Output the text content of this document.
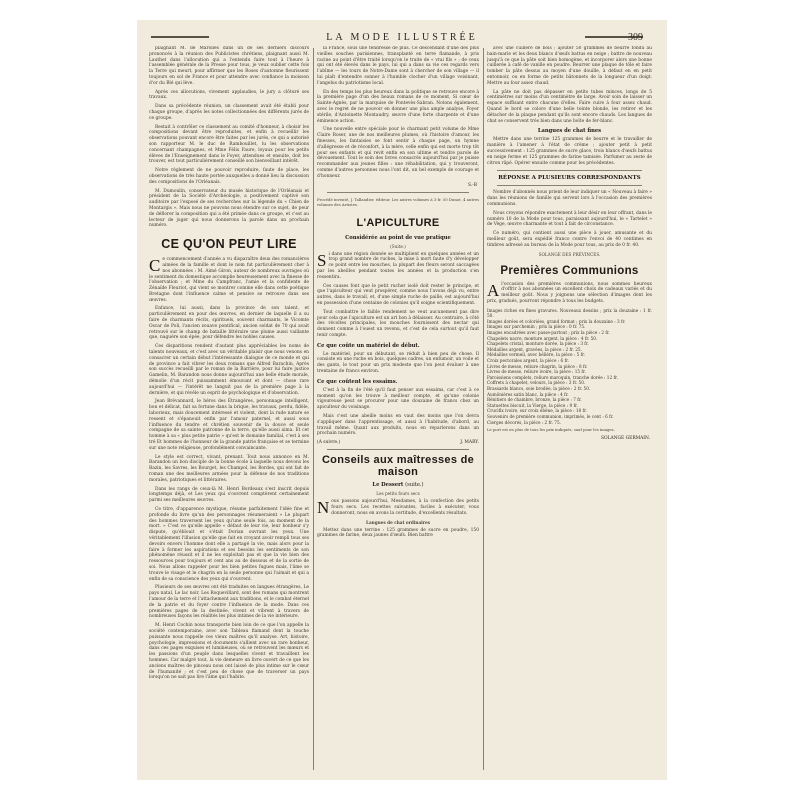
LA MODE ILLUSTRÉE	309

plaignant M. de Marolles dans un de ses derniers discours prononcés à la réunion des Publicistes chrétiens, plaignant aussi M. Lauthet dans l'allocution qui a l'entendu faire tout à l'heure à l'assemblée générale de la Presse pour tous, je veux oublier cette fois la Terre qui meurt, pour affirmer que les Roses d'automne fleurissent toujours en sol de France et pour attendre avec confiance la moisson d'or du Blé qui lève.

Après ces allocutions, vivement applaudies, le jury a clôturé ses travaux.

Dans sa précédente réunion, un classement avait été établi pour chaque groupe, d'après les notes collectionnées des différents jurés de ce groupe.

Restait à contrôler ce classement au comité d'honneur, à choisir les compositions devant être reproduites, et enfin à recueillir les observations pouvant encore être faites par les jurés, ce qui a autorisé son rapporteur M. le duc de Rambouillet, lu les observations concernant champagnes, et Mme Félix Faure, loyaux pour les petits élèves de l'Enseignement dans le Foyer, attendues et ensuite, doit les trouver, est tout particulièrement conseillé son bienveillant intérêt.

Notre règlement de ne pouvoir reproduire, faute de place, les observations de très haute portée auxquelles a donné lieu la discussion des compositions de l'Orléanais.

M. Dumoulin, conservateur du musée historique de l'Orléanais et président de la Société d'Archéologie, a positivement captivé son auditoire par l'exposé de ses recherches sur la légende du « Chien de Montargis ». Mais nous ne pouvons nous étendre sur ce sujet, de peur de déflorer la composition qui a été primée dans ce groupe, et c'est au lecteur de juger qui nous donnerons la parole dans un prochain numéro.

CE QU'ON PEUT LIRE

Ce commencement d'année a vu disparaître deux des romancières aimées de la famille et dont le nom fut particulièrement cher à nos abonnées : M. Aimé Giron, auteur de nombreux ouvrages où le sentiment du domestique accomplie heureusement avec la finesse de l'observation ; et Mme du Campfranc, l'amie et la confidente de Zénaïde Fleuriot, qui vient se montrer comme elle dans cette poétique Bretagne dont l'influence calme et pensive se retrouve dans ses œuvres.

Enfance, lui aussi, dans la province de son talent, et particulièrement en pour des œuvres, en dernier de laquelle il a su faire de charmants récits, spirituels, souvent charmants, le Vicomte Oscar de Poli, l'ancien zouave pontifical, ancien soldat de 70 qui avait retrouvé sur le champ de bataille littéraire une plume aussi vaillante que, naguère son épée, pour défendre les nobles causes.

Ces disparitions rendent d'autant plus appréciables les noms de talents nouveaux, et c'est avec un véritable plaisir que nous venons en consacrer un certain début l'intéressante dialogue de ce monde et qui de province a fait vibrer les deux romans que Alfred Barachin, Après son succès recueilli par le roman de la Barrière, pour lui faire justice Gamelin, M. Barandon nous donne aujourd'hui une belle étude morale, démolie d'un récit puissamment émouvant et dont — chose rare aujourd'hui — l'intérêt ne languit pas de la première page à la dernière, et qui révèle un esprit de psychologique et d'observation.

Jean Brévannard, le héros des Étrangères, personnage intelligent, bon et délicat, fait sa fortune dans la brique, les travaux, perdu, fidèle, laborieux, mais doucement intéressé et violent, dont la rude nature se ressent et s'épanouit enfin par l'amour paternel, et aussi sous l'influence du tendre et chrétien souvenir de la douce et seule compagne de sa sainte patronne de la terre, qu'elle aussi aima. Et cet homme à sa « plus petite patrie » qu'est le domaine familial, c'est à ses tré Et hommes de l'honneur de la grande patrie française et se termine sur une note religieuse, profondément convaincante.

Le style est correct, vivant, prenant. Tout nous annonce en M. Barandon un bon disciple de la bonne école à laquelle nous devons les Bazin, les Savres, les Bourget, les Champol, les Bordes, qui ont fait de roman une des meilleures armées pour la défense de nos traditions morales, patriotiques et littéraires.

Dans les rangs de ceux-là M. Henri Bordeaux s'est inscrit depuis longtemps déjà, et Les yeux qui s'ouvrent comptèrent certainement parmi ses meilleures œuvres.

Ce titre, d'apparence mystique, résume parfaitement l'idée fine et profonde du livre qu'un des personnages résumeraient « Le plupart des hommes traversent les yeux qu'une seule fois, au moment de la mort. » C'est ce qu'elle appelle « défaut de leur vie, leur bonheur s'y dispute, qu'éblouit et s'était Dorian ouvrant les yeux. Une véritablement l'illusion qu'elle que fait en croyant avoir rempli tous ses devoirs envers l'homme dont elle a partagé la vie, mais alors pour la faire à former les aspirations et ses besoins les sentiments de son phénomène réussit et il ne les exploitait pas et que la vie bien des ressources pour toujours et cent ans au de dessous et de la sortie de soi. Nous allons rappeler pour les bien petites fugues mais, l'âme se trouve le visage et le chagrin en la seule personne qui l'aimait et qui a enfin de sa conscience des yeux qui s'ouvrent.

Plusieurs de ses œuvres ont été traduites en langues étrangères, Le pays natal, Le lac noir, Les Roquevillard, sont des romans qui montrent l'amour de la terre et l'attachement aux traditions, et le combat éternel de la patrie et du foyer contre l'influence de la mode. Dans ces premières pages de la destinée, vivent et vibrent à travers de nombreuses façons les réalités les plus intimes de la vie intérieure.

M. Henri Cochin nous transporte bien loin de ce que l'on appelle la société contemporaine, avec son Tableau flamand dont la touche puissante nous rappelle ces vieux maîtres qu'il analyse. Art, histoire, psychologie, impressions et documents s'allient avec un rare bonheur, dans ces pages exquises et lumineuses, où se retrouvent les mœurs et les passions d'un peuple dans lesquelles vivent et travaillent les hommes. Car malgré tout, la vie demeure un livre ouvert de ce que les anciens maîtres de pinceau nous ont laissé de plus intime sur le cœur de l'humanité ; et c'est peu de chose que de traverser un pays lorsqu'on ne sait pas lire l'âme qui l'habite.

la France, sous une tendresse de plus. Ce descendant d'une des plus vieilles souches parisiennes, transplanté en terre flamande, à pris racine au point d'être traité lorsqu'on le traite de « vrai fils » ; de ceux qui ont été élevés dans le pays, lui qui a dans sa vie ces regards vers l'abîme — les tours de Notre-Dame sont à chercher de son village — il lui plaît d'entendre sonner à l'humble clocher d'un village voisinant, l'angelus du patriotisme local.

En des temps les plus heureux dans la politique se retrouve encore à la première page d'un des beaux romans de ce moment, Si cœur de Sainte-Agnès, par la marquise de Pontevès-Sabran. Notons également, avec le regret de ne pouvoir en donner une plus ample analyse, Foyer stérile, d'Antoinette Montaudry, œuvre d'une forte charpente et d'une éminence action.

Une nouvelle entre spéciale pour le charmant petit volume de Mme Claire Roser, une de nos meilleures plumes, où l'histoire d'amour, les finesses, les fantaisies se font sentir à chaque page, un hymne d'allégresse et de réconfort, à la mère, celle enfin qui est morte trop tôt pour ses enfants et qui revit enfin en son ultime et tendre parole de dévouement. Tout le soin des livres consacrés aujourd'hui par je puisse recommander aux jeunes filles : une réhabilitation, qui y trouveront, comme d'autres personnes nous l'ont dit, un bel exemple de courage et d'honneur.

S.-B
Procédé inventé, J. Tallandier, éditeur. Les autres volumes à 3 fr. 50 Dunot, 4 autres volumes des Artistes.
L'APICULTURE
Considérée au point de vue pratique
(Suite.)

Si dans une région donnée se multiplient en quelques années et un trop grand nombre de ruches, la mise à mort faute d'y développer ce point entre les mouches, la plupart des fleurs seront saccagées par les abeilles pendant toutes les années et la production s'en ressentira.

Ces causes font que le petit rucher isolé doit rester le principe, et que l'apiculteur qui veut prospérer, comme nous l'avons déjà vu, entre autres, dans le travail, et, d'une simple ruche de paille, est aujourd'hui en possession d'une centaine de colonies qu'il soigne scientifiquement.

Tout combattre le faible rendement ne veut aucunement pas dire pour cela que l'apiculture est un art bon à délaisser. Au contraire, à côté des récoltes principales, les mouches fournissent des nectar qui donnent comme à l'ouest un revenu, et c'est de cela surtout qu'il faut tenir compte.

Ce que coûte un matériel de début.

Le matériel, pour un débutant, se réduit à bien peu de chose. Il consiste en une ruche en bois, quelques cadres, un enfumoir, un voile et des gants, le tout pour un prix modeste que l'on peut évaluer à une trentaine de francs environ.

Ce que coûtent les essaims.

C'est à la fin de l'été qu'il faut penser aux essaims, car c'est à ce moment qu'on les trouve à meilleur compte, et qu'une colonie vigoureuse peut se procurer pour une douzaine de francs chez un apiculteur du voisinage.

Mais c'est une abeille moins en vaut des moins que l'on devra s'appliquer dans l'apprentissage, et aussi à l'habitude, d'abord, au travail même. Quant aux produits, nous en reparlerons dans un prochain numéro.

(A suivre.)	J. MARY.
Conseils aux maîtresses de maison
Le Dessert (suite.)
Les petits fours secs

Nous passons aujourd'hui, Mesdames, à la confection des petits fours secs. Les recettes suivantes, faciles à exécuter, vous donneront, nous en avons la certitude, d'excellents résultats.

Langues de chat ordinaires

Mettez dans une terrine : 125 grammes de sucre en poudre, 150 grammes de farine, deux jaunes d'œufs. Bien battre

avec une cuillère de bois ; ajouter 50 grammes de beurre fondu au bain-marie et les deux blancs d'œufs battus en neige ; battre de nouveau jusqu'à ce que la pâte soit bien homogène, et incorporer alors une bonne cuillerée à café de vanille en poudre. Beurrer une plaque de tôle et faire tomber la pâte dessus au moyen d'une douille, à défaut en en petit entonnoir, ou en forme de petits bâtonnets de la longueur d'un doigt. Mettre au four assez chaud.

La pâte ne doit pas dépasser en petits tubes minces, longs de 5 centimètres sur moins d'un centimètre de large. Avoir soin de laisser un espace suffisant entre chacune d'elles. Faire cuire à four assez chaud. Quand le bord se colore d'une belle teinte blonde, les retirer et les détacher de la plaque pendant qu'ils sont encore chauds. Les langues de chat se conservent très bien dans une boîte de fer-blanc.

Langues de chat fines

Mettre dans une terrine 125 grammes de beurre et le travailler de manière à l'amener à l'état de crème ; ajouter petit à petit successivement : 125 grammes de sucre glace, trois blancs d'œufs battus en neige ferme et 125 grammes de farine tamisée. Parfumer au zeste de citron râpé. Opérer ensuite comme pour les précédentes.

RÉPONSE A PLUSIEURS CORRESPONDANTS

Nombre d'abonnés nous prient de leur indiquer un « Nouveau à faire » dans les réunions de famille qui servent lors à l'occasion des premières communions.

Nous croyons répondre exactement à leur désir en leur offrant, dans le numéro 10 de la Mode pour tous, paraissant aujourd'hui, le « Tartelet » de Vège, œuvre charmante et tout à fait de circonstance.

Ce numéro, qui contient aussi une pièce à jouer, amusante et du meilleur goût, sera expédié franco contre l'envoi de 40 centimes en timbres adressé au bureau de la Mode pour tous, au prix de 0 fr. 40.

SOLANGE DES PRÉVINCES.
Premières Communions

Al'occasion des premières communions, nous sommes heureux d'offrir à nos abonnées un excellent choix de cadeaux variés et du meilleur goût. Nous y joignons une sélection d'images dont les prix, gradués, pourront répondre à tous les budgets.

Images riches en fines gravures. Nouveaux dessins ; prix la douzaine : 1 fr. 50.

Images dorées et coloriées, grand format ; prix la douzaine : 3 fr.

Images sur parchemin ; prix la pièce : 0 fr. 75.

Images encadrées avec passe-partout ; prix la pièce : 2 fr.

Chapelets nacre, monture argent, la pièce : 4 fr. 50.

Chapelets cristal, monture dorée, la pièce : 3 fr.

Médailles argent, gravées, la pièce : 2 fr. 25.

Médailles vermeil, avec bélière, la pièce : 5 fr.

Croix pectorales argent, la pièce : 6 fr.

Livres de messe, reliure chagrin, la pièce : 8 fr.

Livres de messe, reliure ivoire, la pièce : 15 fr.

Paroissiens complets, reliure maroquin, tranche dorée : 12 fr.

Coffrets à chapelet, velours, la pièce : 3 fr. 50.

Brassards blancs, soie brodée, la pièce : 2 fr. 50.

Aumônières satin blanc, la pièce : 4 fr.

Bénitiers de chambre, bronze, la pièce : 7 fr.

Statuettes biscuit, la Vierge, la pièce : 9 fr.

Crucifix ivoire, sur croix ébène, la pièce : 18 fr.

Souvenirs de première communion, imprimés, le cent : 6 fr.

Cierges décorés, la pièce : 2 fr. 75.

Le port est en plus de tous les prix indiqués, sauf pour les images.

SOLANGE GERMAIN.
